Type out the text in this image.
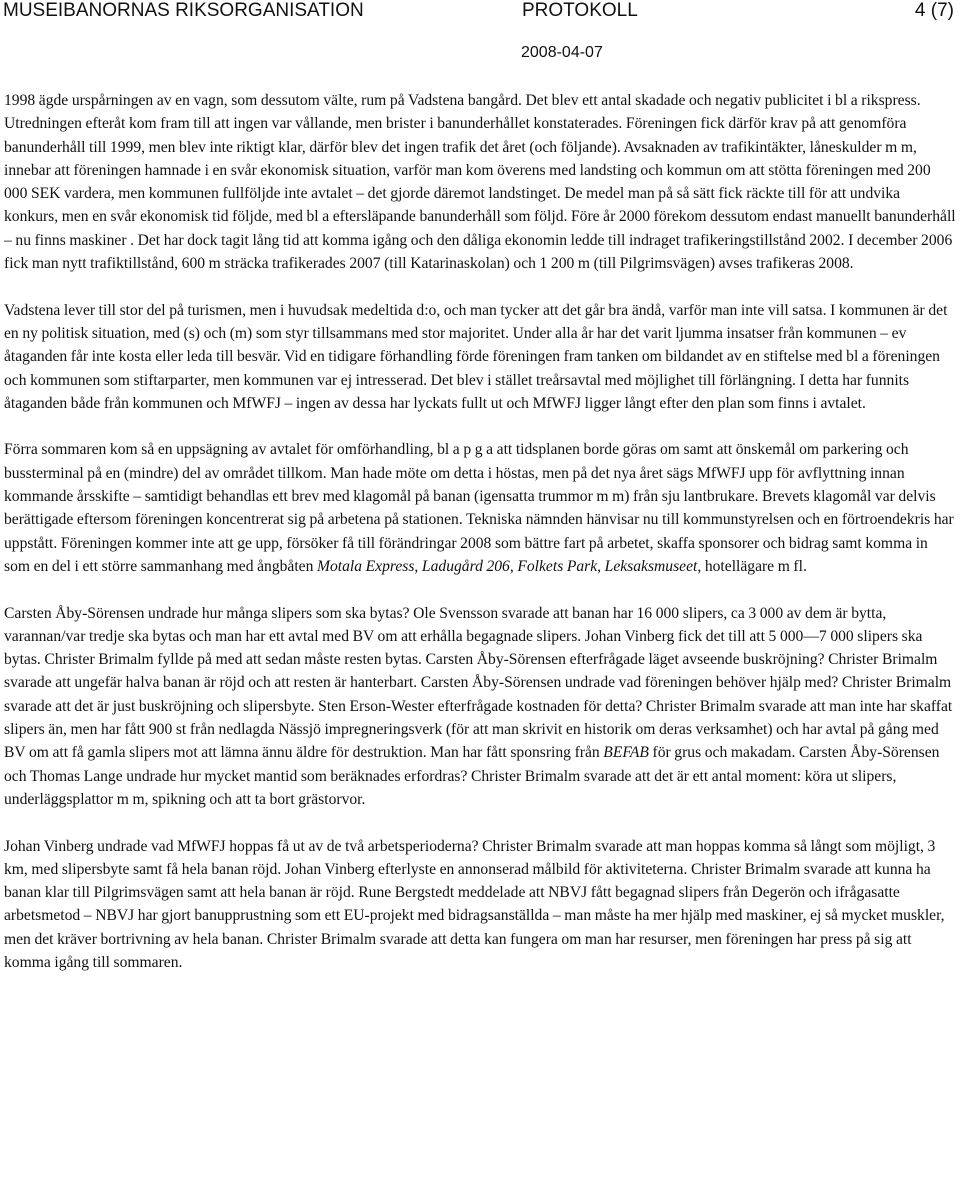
MUSEIBANORNAS RIKSORGANISATION	PROTOKOLL	4 (7)
2008-04-07

1998 ägde urspårningen av en vagn, som dessutom välte, rum på Vadstena bangård. Det blev ett antal skadade och negativ publicitet i bl a rikspress. Utredningen efteråt kom fram till att ingen var vållande, men brister i banunderhållet konstaterades. Föreningen fick därför krav på att genomföra banunderhåll till 1999, men blev inte riktigt klar, därför blev det ingen trafik det året (och följande). Avsaknaden av trafikintäkter, låneskulder m m, innebar att föreningen hamnade i en svår ekonomisk situation, varför man kom överens med landsting och kommun om att stötta föreningen med 200 000 SEK vardera, men kommunen fullföljde inte avtalet – det gjorde däremot landstinget. De medel man på så sätt fick räckte till för att undvika konkurs, men en svår ekonomisk tid följde, med bl a eftersläpande banunderhåll som följd. Före år 2000 förekom dessutom endast manuellt banunderhåll – nu finns maskiner . Det har dock tagit lång tid att komma igång och den dåliga ekonomin ledde till indraget trafikeringstillstånd 2002. I december 2006 fick man nytt trafiktillstånd, 600 m sträcka trafikerades 2007 (till Katarinaskolan) och 1 200 m (till Pilgrimsvägen) avses trafikeras 2008.

Vadstena lever till stor del på turismen, men i huvudsak medeltida d:o, och man tycker att det går bra ändå, varför man inte vill satsa. I kommunen är det en ny politisk situation, med (s) och (m) som styr tillsammans med stor majoritet. Under alla år har det varit ljumma insatser från kommunen – ev åtaganden får inte kosta eller leda till besvär. Vid en tidigare förhandling förde föreningen fram tanken om bildandet av en stiftelse med bl a föreningen och kommunen som stiftarparter, men kommunen var ej intresserad. Det blev i stället treårsavtal med möjlighet till förlängning. I detta har funnits åtaganden både från kommunen och MfWFJ – ingen av dessa har lyckats fullt ut och MfWFJ ligger långt efter den plan som finns i avtalet.

Förra sommaren kom så en uppsägning av avtalet för omförhandling, bl a p g a att tidsplanen borde göras om samt att önskemål om parkering och bussterminal på en (mindre) del av området tillkom. Man hade möte om detta i höstas, men på det nya året sägs MfWFJ upp för avflyttning innan kommande årsskifte – samtidigt behandlas ett brev med klagomål på banan (igensatta trummor m m) från sju lantbrukare. Brevets klagomål var delvis berättigade eftersom föreningen koncentrerat sig på arbetena på stationen. Tekniska nämnden hänvisar nu till kommunstyrelsen och en förtroendekris har uppstått. Föreningen kommer inte att ge upp, försöker få till förändringar 2008 som bättre fart på arbetet, skaffa sponsorer och bidrag samt komma in som en del i ett större sammanhang med ångbåten Motala Express, Ladugård 206, Folkets Park, Leksaksmuseet, hotellägare m fl.

Carsten Åby-Sörensen undrade hur många slipers som ska bytas? Ole Svensson svarade att banan har 16 000 slipers, ca 3 000 av dem är bytta, varannan/var tredje ska bytas och man har ett avtal med BV om att erhålla begagnade slipers. Johan Vinberg fick det till att 5 000—7 000 slipers ska bytas. Christer Brimalm fyllde på med att sedan måste resten bytas. Carsten Åby-Sörensen efterfrågade läget avseende buskröjning? Christer Brimalm svarade att ungefär halva banan är röjd och att resten är hanterbart. Carsten Åby-Sörensen undrade vad föreningen behöver hjälp med? Christer Brimalm svarade att det är just buskröjning och slipersbyte. Sten Erson-Wester efterfrågade kostnaden för detta? Christer Brimalm svarade att man inte har skaffat slipers än, men har fått 900 st från nedlagda Nässjö impregneringsverk (för att man skrivit en historik om deras verksamhet) och har avtal på gång med BV om att få gamla slipers mot att lämna ännu äldre för destruktion. Man har fått sponsring från BEFAB för grus och makadam. Carsten Åby-Sörensen och Thomas Lange undrade hur mycket mantid som beräknades erfordras? Christer Brimalm svarade att det är ett antal moment: köra ut slipers, underläggsplattor m m, spikning och att ta bort grästorvor.

Johan Vinberg undrade vad MfWFJ hoppas få ut av de två arbetsperioderna? Christer Brimalm svarade att man hoppas komma så långt som möjligt, 3 km, med slipersbyte samt få hela banan röjd. Johan Vinberg efterlyste en annonserad målbild för aktiviteterna. Christer Brimalm svarade att kunna ha banan klar till Pilgrimsvägen samt att hela banan är röjd. Rune Bergstedt meddelade att NBVJ fått begagnad slipers från Degerön och ifrågasatte arbetsmetod – NBVJ har gjort banupprustning som ett EU-projekt med bidragsanställda – man måste ha mer hjälp med maskiner, ej så mycket muskler, men det kräver bortrivning av hela banan. Christer Brimalm svarade att detta kan fungera om man har resurser, men föreningen har press på sig att komma igång till sommaren.
